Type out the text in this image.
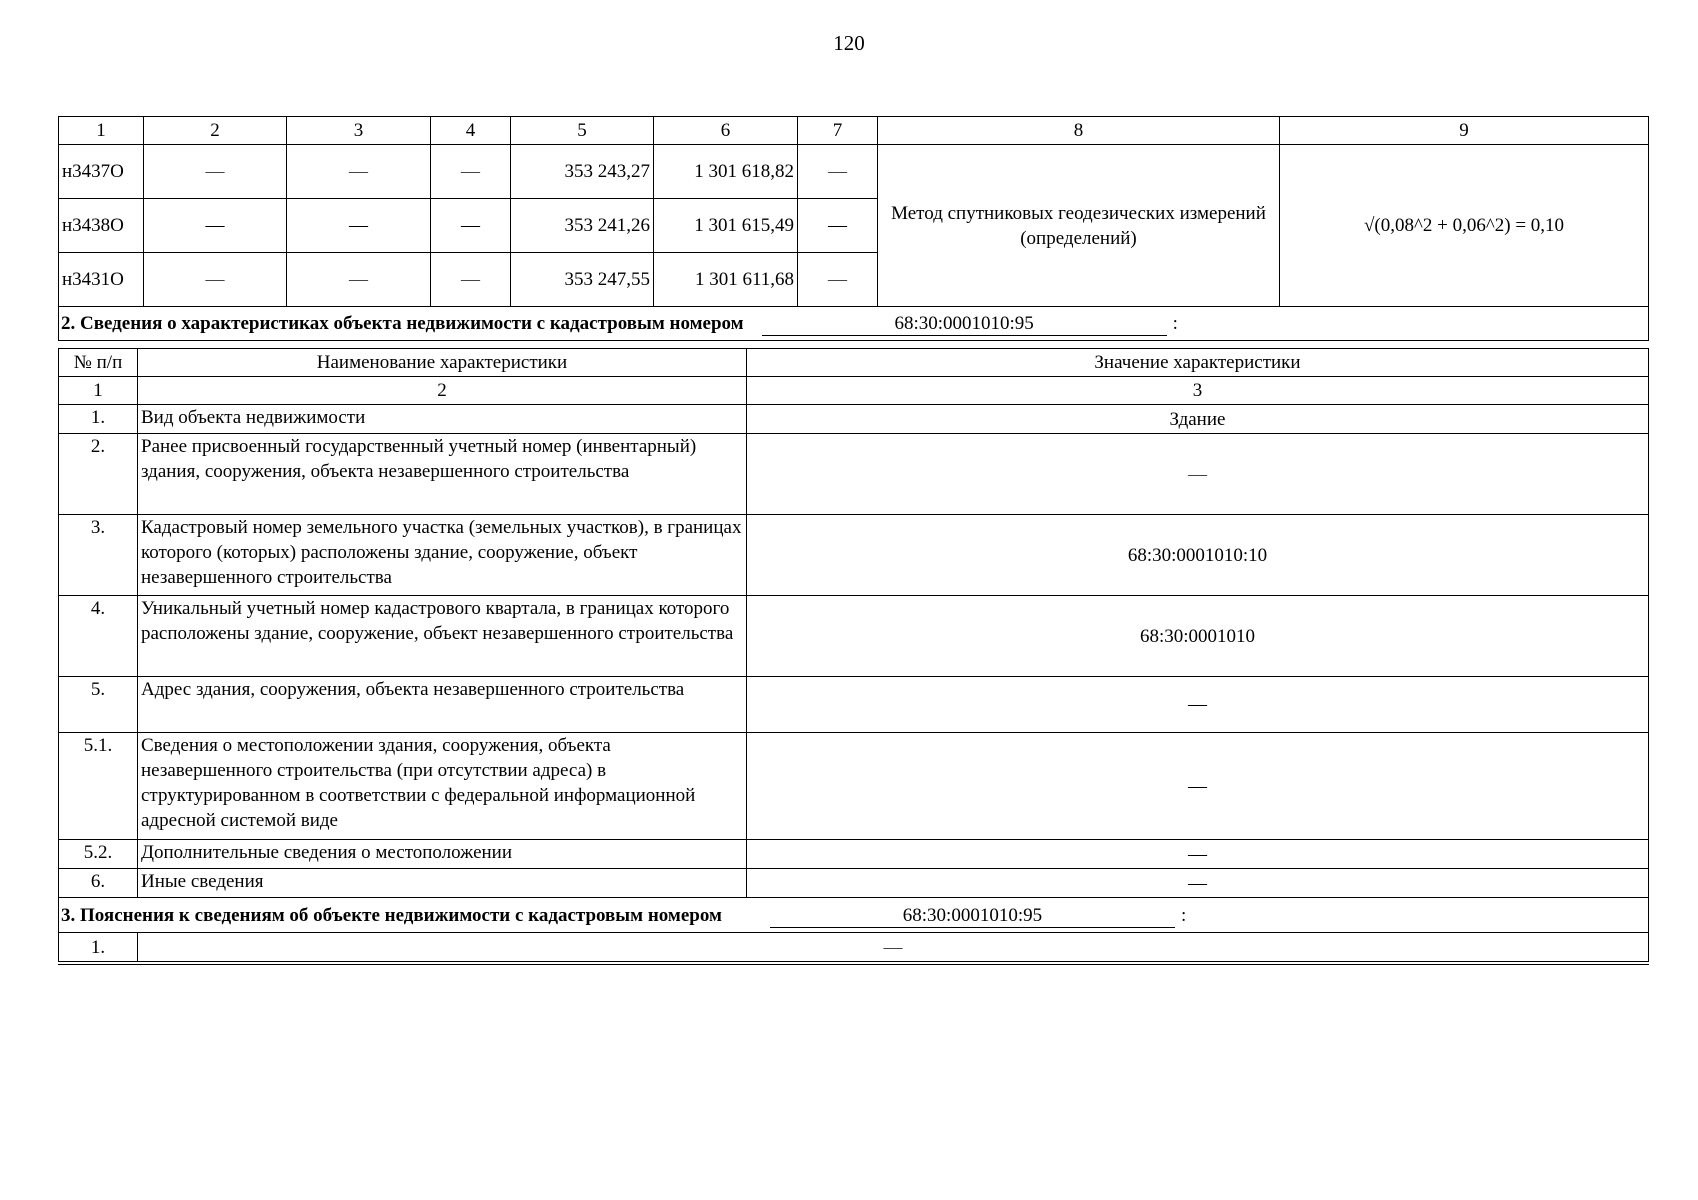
120
1	2	3	4	5	6	7	8	9
н3437О	—	—	—	353 243,27	1 301 618,82	—	Метод спутниковых геодезических измерений (определений)	√(0,08^2 + 0,06^2) = 0,10
н3438О	—	—	—	353 241,26	1 301 615,49	—		
н3431О	—	—	—	353 247,55	1 301 611,68	—		
2. Сведения о характеристиках объекта недвижимости с кадастровым номером 68:30:0001010:95 :								
№ п/п	Наименование характеристики	Значение характеристики
1	2	3
1.	Вид объекта недвижимости	Здание
2.	Ранее присвоенный государственный учетный номер (инвентарный) здания, сооружения, объекта незавершенного строительства	—
3.	Кадастровый номер земельного участка (земельных участков), в границах которого (которых) расположены здание, сооружение, объект незавершенного строительства	68:30:0001010:10
4.	Уникальный учетный номер кадастрового квартала, в границах которого расположены здание, сооружение, объект незавершенного строительства	68:30:0001010
5.	Адрес здания, сооружения, объекта незавершенного строительства	—
5.1.	Сведения о местоположении здания, сооружения, объекта незавершенного строительства (при отсутствии адреса) в структурированном в соответствии с федеральной информационной адресной системой виде	—
5.2.	Дополнительные сведения о местоположении	—
6.	Иные сведения	—
3. Пояснения к сведениям об объекте недвижимости с кадастровым номером 68:30:0001010:95 :		
1.	—	
